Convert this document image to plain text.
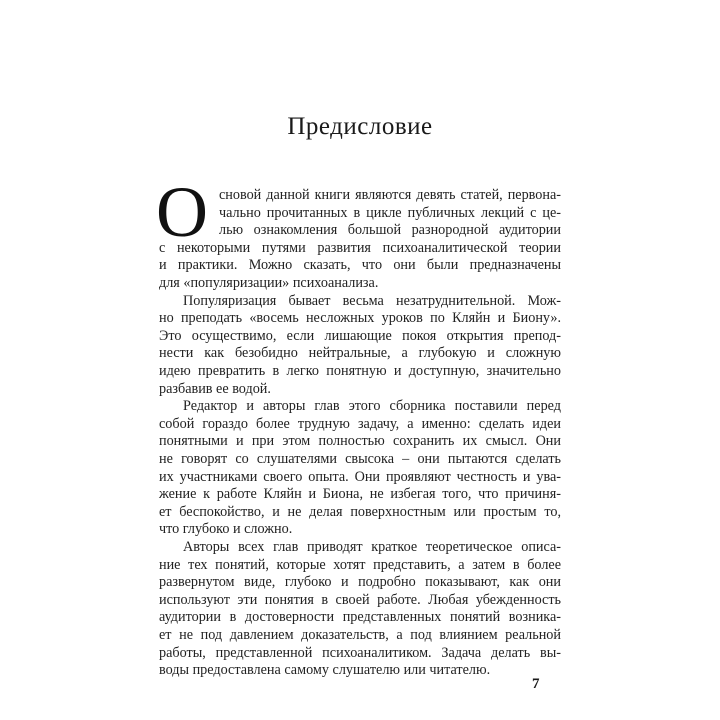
Предисловие
О сновой данной книги являются девять статей, первона-
чально прочитанных в цикле публичных лекций с це-
лью ознакомления большой разнородной аудитории
с некоторыми путями развития психоаналитической теории
и практики. Можно сказать, что они были предназначены
для «популяризации» психоанализа.
Популяризация бывает весьма незатруднительной. Мож-
но преподать «восемь несложных уроков по Кляйн и Биону».
Это осуществимо, если лишающие покоя открытия препод-
нести как безобидно нейтральные, а глубокую и сложную
идею превратить в легко понятную и доступную, значительно
разбавив ее водой.
Редактор и авторы глав этого сборника поставили перед
собой гораздо более трудную задачу, а именно: сделать идеи
понятными и при этом полностью сохранить их смысл. Они
не говорят со слушателями свысока – они пытаются сделать
их участниками своего опыта. Они проявляют честность и ува-
жение к работе Кляйн и Биона, не избегая того, что причиня-
ет беспокойство, и не делая поверхностным или простым то,
что глубоко и сложно.
Авторы всех глав приводят краткое теоретическое описа-
ние тех понятий, которые хотят представить, а затем в более
развернутом виде, глубоко и подробно показывают, как они
используют эти понятия в своей работе. Любая убежденность
аудитории в достоверности представленных понятий возника-
ет не под давлением доказательств, а под влиянием реальной
работы, представленной психоаналитиком. Задача делать вы-
воды предоставлена самому слушателю или читателю.
7
